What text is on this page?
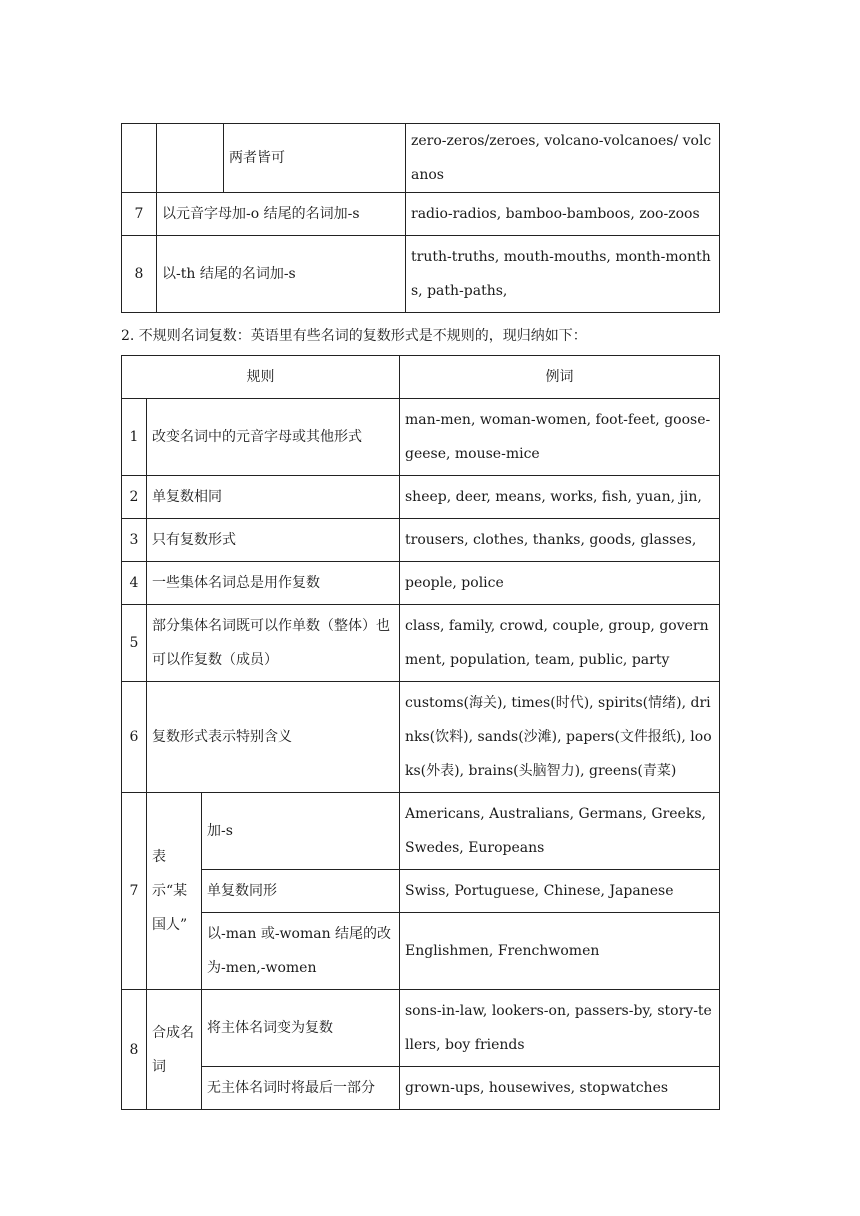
		两者皆可	zero-zeros/zeroes, volcano-volcanoes/ volcanos
7	以元音字母加-o 结尾的名词加-s		radio-radios, bamboo-bamboos, zoo-zoos
8	以-th 结尾的名词加-s		truth-truths, mouth-mouths, month-months, path-paths,
2. 不规则名词复数：英语里有些名词的复数形式是不规则的，现归纳如下：
规则			例词
1	改变名词中的元音字母或其他形式		man-men, woman-women, foot-feet, goose-geese, mouse-mice
2	单复数相同		sheep, deer, means, works, fish, yuan, jin,
3	只有复数形式		trousers, clothes, thanks, goods, glasses,
4	一些集体名词总是用作复数		people, police
5	部分集体名词既可以作单数（整体）也可以作复数（成员）		class, family, crowd, couple, group, government, population, team, public, party
6	复数形式表示特别含义		customs(海关), times(时代), spirits(情绪), drinks(饮料), sands(沙滩), papers(文件报纸), looks(外表), brains(头脑智力), greens(青菜)
7	表示“某国人”	加-s	Americans, Australians, Germans, Greeks, Swedes, Europeans
		单复数同形	Swiss, Portuguese, Chinese, Japanese
		以-man 或-woman 结尾的改为-men,-women	Englishmen, Frenchwomen
8	合成名词	将主体名词变为复数	sons-in-law, lookers-on, passers-by, story-tellers, boy friends
		无主体名词时将最后一部分	grown-ups, housewives, stopwatches
